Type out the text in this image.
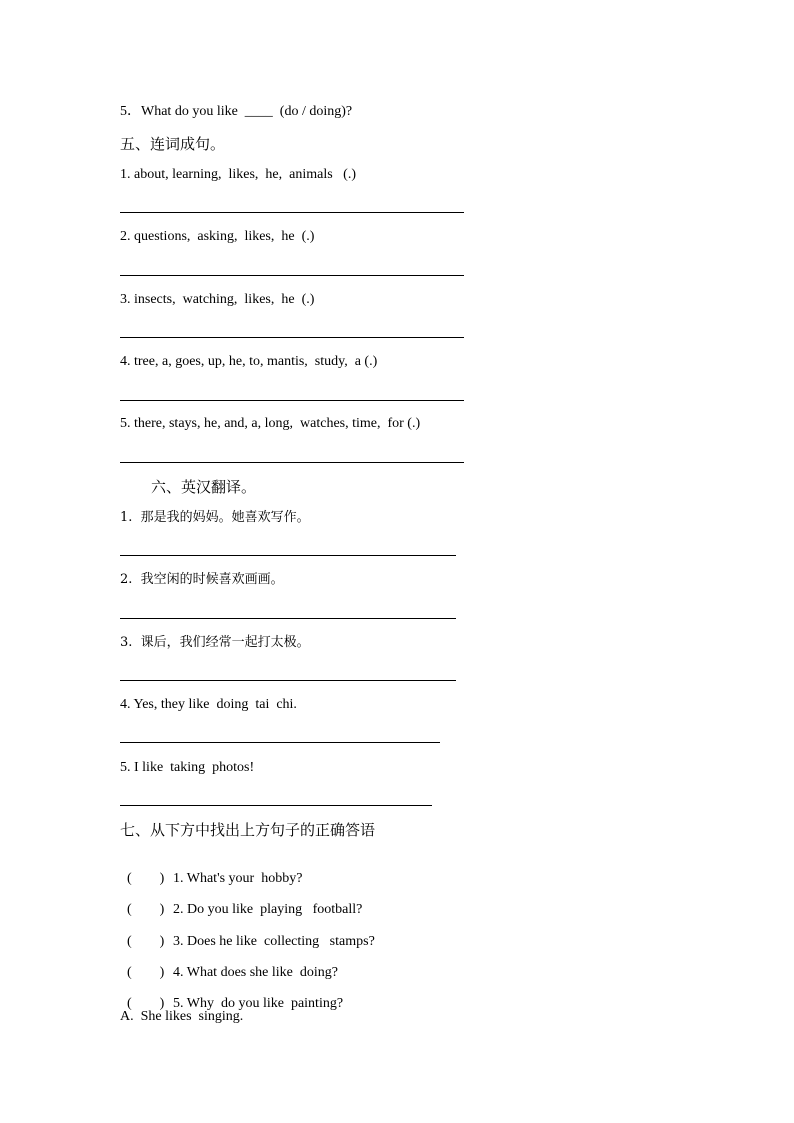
5．What do you like  ____  (do / doing)?
五、连词成句。
1. about, learning,  likes,  he,  animals   (.)
2. questions,  asking,  likes,  he  (.)
3. insects,  watching,  likes,  he  (.)
4. tree, a, goes, up, he, to, mantis,  study,  a (.)
5. there, stays, he, and, a, long,  watches, time,  for (.)
六、英汉翻译。
1.  那是我的妈妈。她喜欢写作。
2.  我空闲的时候喜欢画画。
3.  课后，我们经常一起打太极。
4. Yes, they like  doing  tai  chi.
5. I like  taking  photos!
七、从下方中找出上方句子的正确答语

(        ) 1. What's your  hobby?

(        ) 2. Do you like  playing   football?

(        ) 3. Does he like  collecting   stamps?

(        ) 4. What does she like  doing?

(        ) 5. Why  do you like  painting?

A.  She likes  singing.
